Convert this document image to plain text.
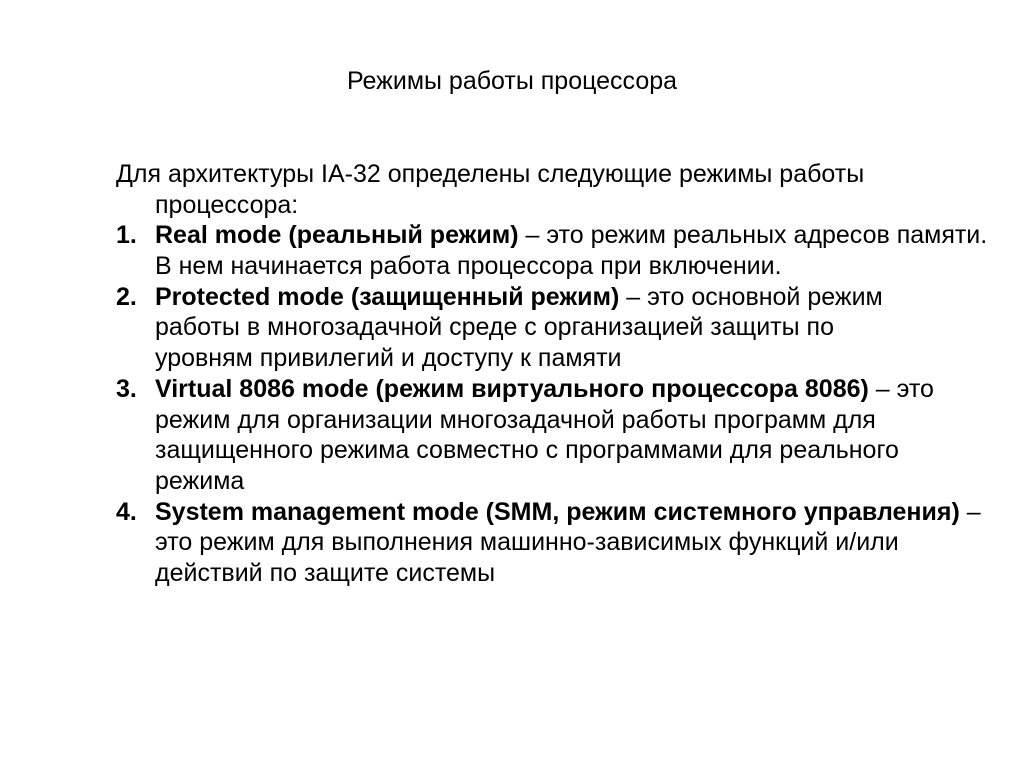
Режимы работы процессора
Для архитектуры IA-32 определены следующие режимы работы
процессора:
1. Real mode (реальный режим) – это режим реальных адресов памяти.
В нем начинается работа процессора при включении.
2. Protected mode (защищенный режим) – это основной режим
работы в многозадачной среде с организацией защиты по
уровням привилегий и доступу к памяти
3. Virtual 8086 mode (режим виртуального процессора 8086) – это
режим для организации многозадачной работы программ для
защищенного режима совместно с программами для реального
режима
4. System management mode (SMM, режим системного управления) –
это режим для выполнения машинно-зависимых функций и/или
действий по защите системы
